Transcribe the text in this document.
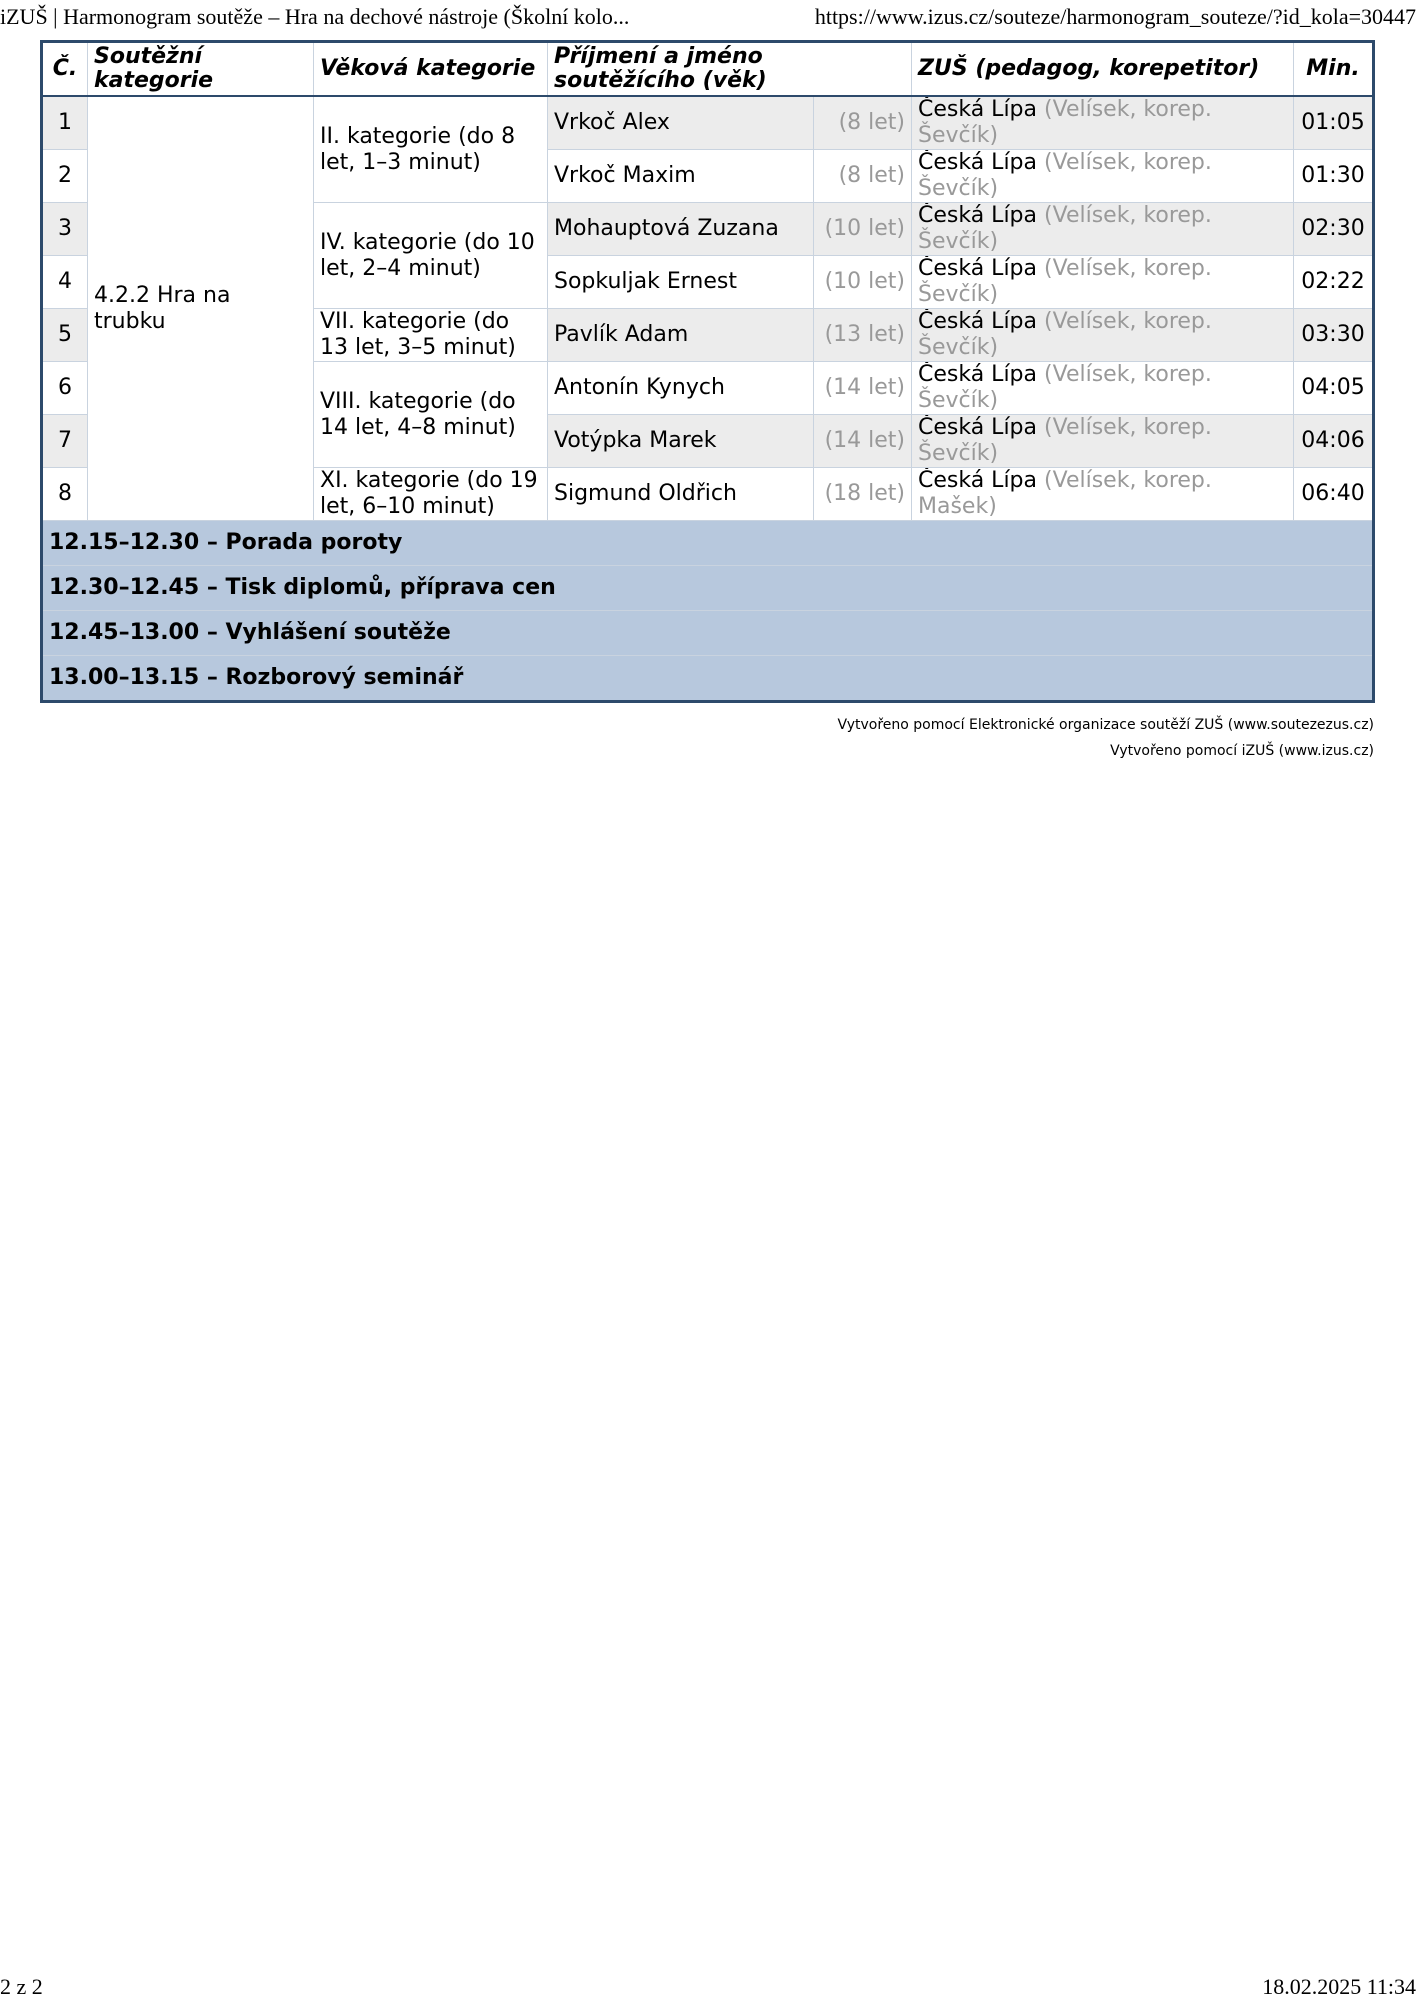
iZUŠ | Harmonogram soutěže – Hra na dechové nástroje (Školní kolo...	https://www.izus.cz/souteze/harmonogram_souteze/?id_kola=30447
Č.	Soutěžní kategorie	Věková kategorie	Příjmení a jméno soutěžícího (věk)		ZUŠ (pedagog, korepetitor)	Min.
1	4.2.2 Hra na trubku	II. kategorie (do 8 let, 1–3 minut)	Vrkoč Alex	(8 let)	Česká Lípa (Velísek, korep. Ševčík)	01:05
2			Vrkoč Maxim	(8 let)	Česká Lípa (Velísek, korep. Ševčík)	01:30
3		IV. kategorie (do 10 let, 2–4 minut)	Mohauptová Zuzana	(10 let)	Česká Lípa (Velísek, korep. Ševčík)	02:30
4			Sopkuljak Ernest	(10 let)	Česká Lípa (Velísek, korep. Ševčík)	02:22
5		VII. kategorie (do 13 let, 3–5 minut)	Pavlík Adam	(13 let)	Česká Lípa (Velísek, korep. Ševčík)	03:30
6		VIII. kategorie (do 14 let, 4–8 minut)	Antonín Kynych	(14 let)	Česká Lípa (Velísek, korep. Ševčík)	04:05
7			Votýpka Marek	(14 let)	Česká Lípa (Velísek, korep. Ševčík)	04:06
8		XI. kategorie (do 19 let, 6–10 minut)	Sigmund Oldřich	(18 let)	Česká Lípa (Velísek, korep. Mašek)	06:40
12.15–12.30 – Porada poroty						
12.30–12.45 – Tisk diplomů, příprava cen						
12.45–13.00 – Vyhlášení soutěže						
13.00–13.15 – Rozborový seminář						
Vytvořeno pomocí Elektronické organizace soutěží ZUŠ (www.soutezezus.cz)
Vytvořeno pomocí iZUŠ (www.izus.cz)
2 z 2	18.02.2025 11:34
